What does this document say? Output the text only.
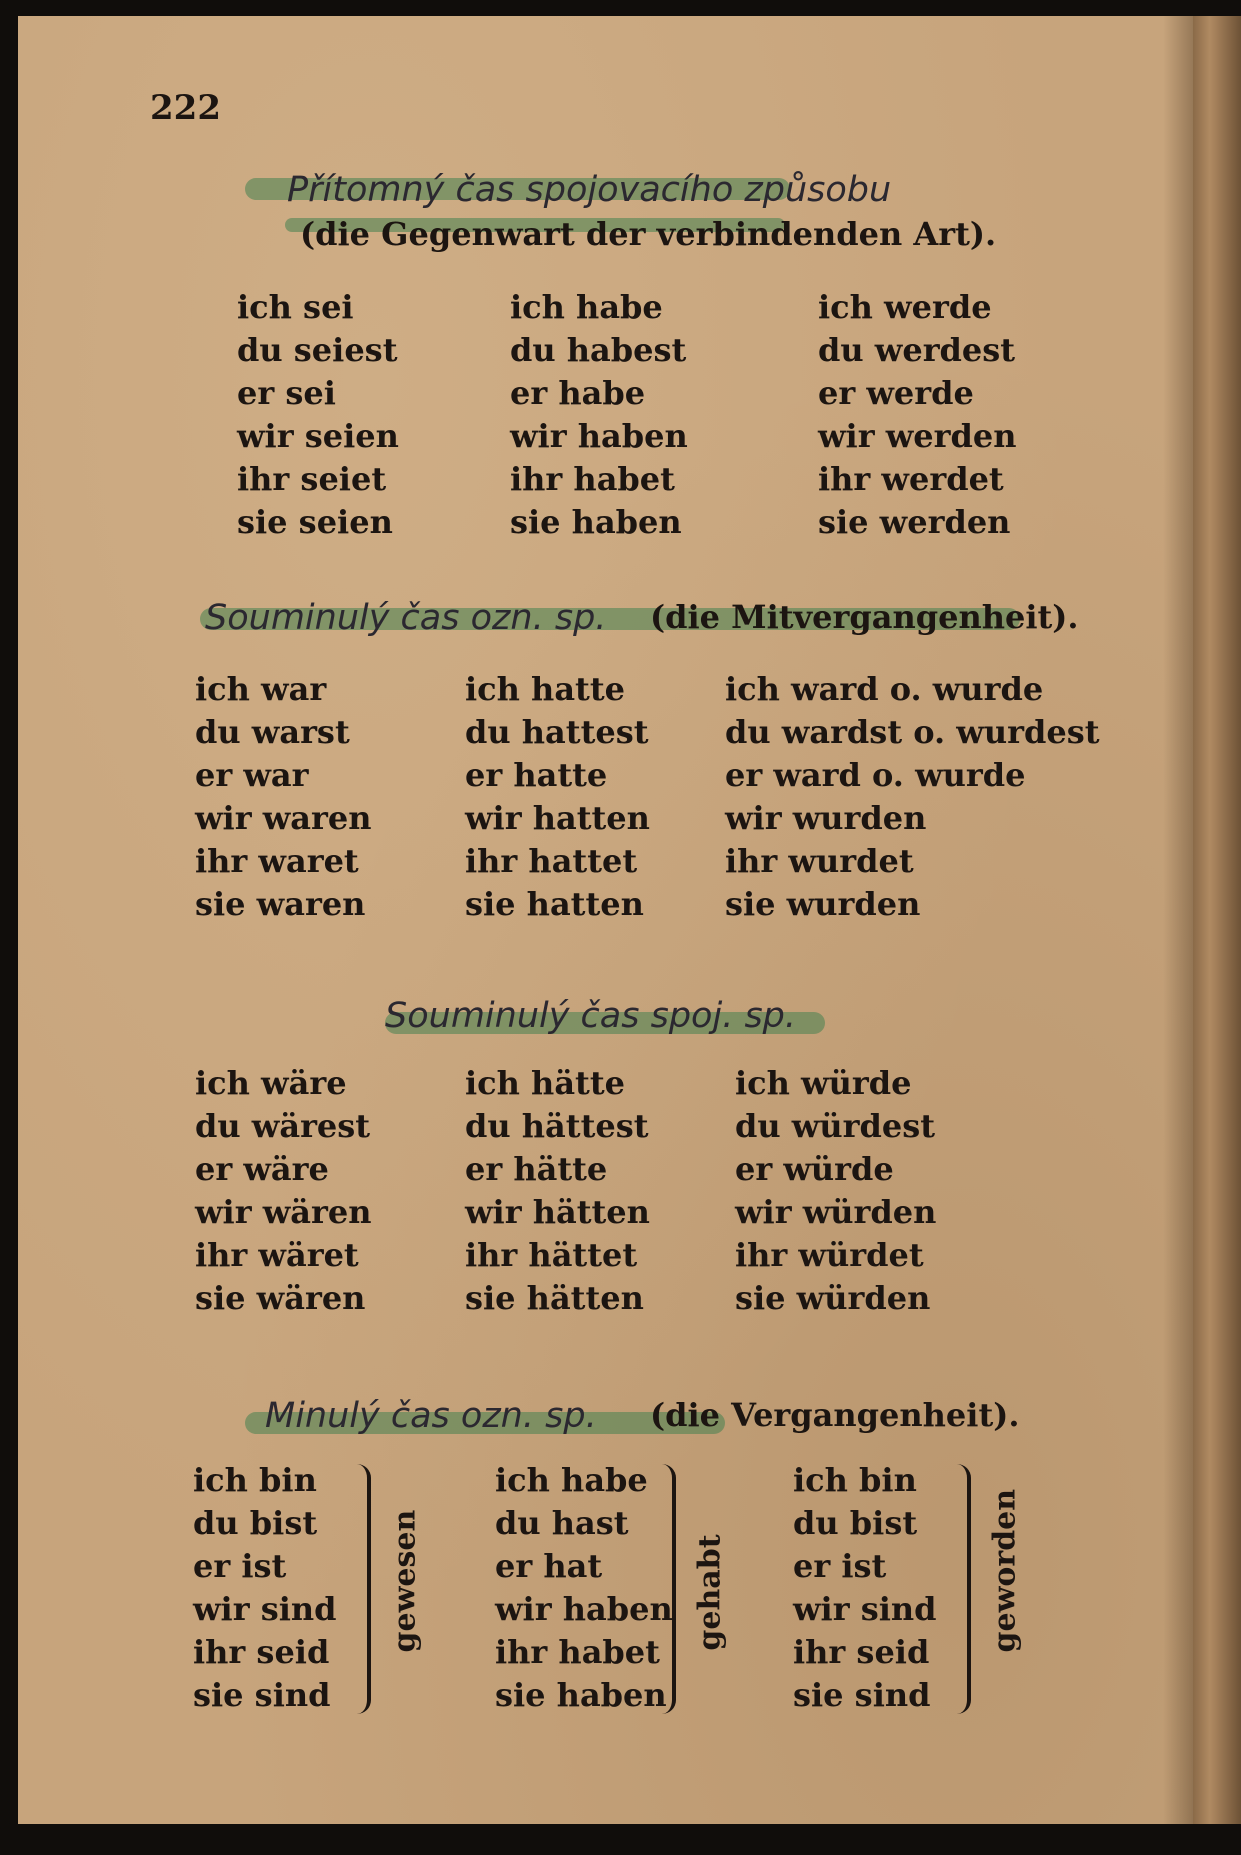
222
Přítomný čas spojovacího způsobu
(die Gegenwart der verbindenden Art).
ich sei
du seiest
er sei
wir seien
ihr seiet
sie seien
ich habe
du habest
er habe
wir haben
ihr habet
sie haben
ich werde
du werdest
er werde
wir werden
ihr werdet
sie werden
Souminulý čas ozn. sp. (die Mitvergangenheit).
ich war
du warst
er war
wir waren
ihr waret
sie waren
ich hatte
du hattest
er hatte
wir hatten
ihr hattet
sie hatten
ich ward o. wurde
du wardst o. wurdest
er ward o. wurde
wir wurden
ihr wurdet
sie wurden
Souminulý čas spoj. sp.
ich wäre
du wärest
er wäre
wir wären
ihr wäret
sie wären
ich hätte
du hättest
er hätte
wir hätten
ihr hättet
sie hätten
ich würde
du würdest
er würde
wir würden
ihr würdet
sie würden
Minulý čas ozn. sp. (die Vergangenheit).
ich bin
du bist
er ist
wir sind
ihr seid
sie sind
gewesen
ich habe
du hast
er hat
wir haben
ihr habet
sie haben
gehabt
ich bin
du bist
er ist
wir sind
ihr seid
sie sind
geworden
